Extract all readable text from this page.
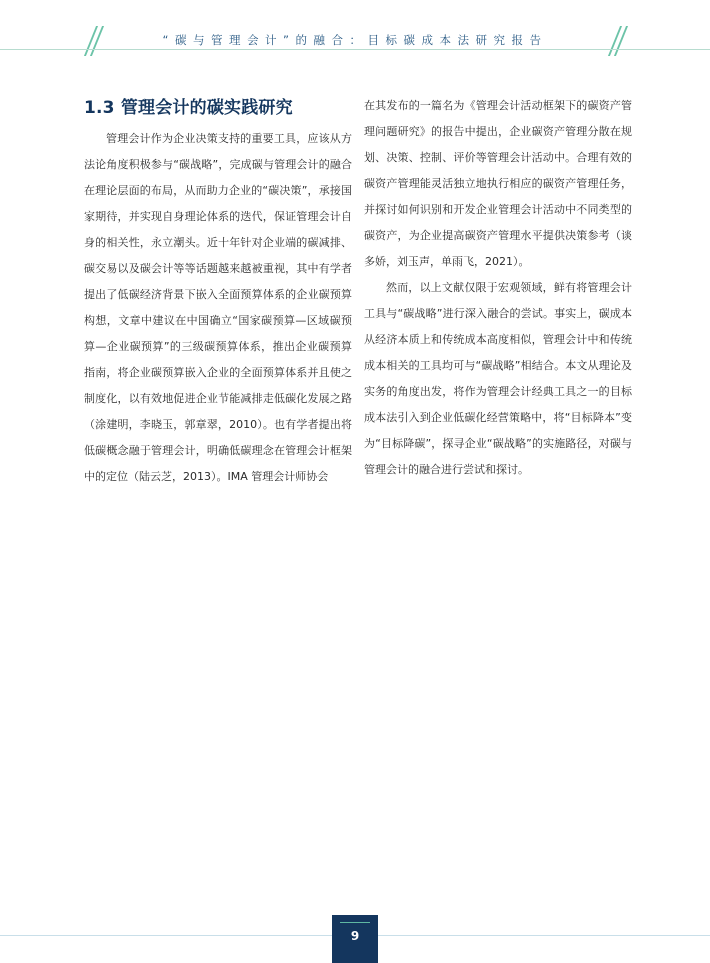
“碳与管理会计”的融合：目标碳成本法研究报告
1.3 管理会计的碳实践研究

管理会计作为企业决策支持的重要工具，应该从方法论角度积极参与“碳战略”，完成碳与管理会计的融合在理论层面的布局，从而助力企业的“碳决策”，承接国家期待，并实现自身理论体系的迭代，保证管理会计自身的相关性，永立潮头。近十年针对企业端的碳减排、碳交易以及碳会计等等话题越来越被重视，其中有学者提出了低碳经济背景下嵌入全面预算体系的企业碳预算构想，文章中建议在中国确立“国家碳预算—区域碳预算—企业碳预算”的三级碳预算体系，推出企业碳预算指南，将企业碳预算嵌入企业的全面预算体系并且使之制度化，以有效地促进企业节能减排走低碳化发展之路（涂建明，李晓玉，郭章翠，2010）。也有学者提出将低碳概念融于管理会计，明确低碳理念在管理会计框架中的定位（陆云芝，2013）。IMA 管理会计师协会

在其发布的一篇名为《管理会计活动框架下的碳资产管理问题研究》的报告中提出，企业碳资产管理分散在规划、决策、控制、评价等管理会计活动中。合理有效的碳资产管理能灵活独立地执行相应的碳资产管理任务，并探讨如何识别和开发企业管理会计活动中不同类型的碳资产，为企业提高碳资产管理水平提供决策参考（谈多娇，刘玉声，单雨飞，2021）。

然而，以上文献仅限于宏观领域，鲜有将管理会计工具与“碳战略”进行深入融合的尝试。事实上，碳成本从经济本质上和传统成本高度相似，管理会计中和传统成本相关的工具均可与“碳战略”相结合。本文从理论及实务的角度出发，将作为管理会计经典工具之一的目标成本法引入到企业低碳化经营策略中，将“目标降本”变为“目标降碳”，探寻企业“碳战略”的实施路径，对碳与管理会计的融合进行尝试和探讨。

9
